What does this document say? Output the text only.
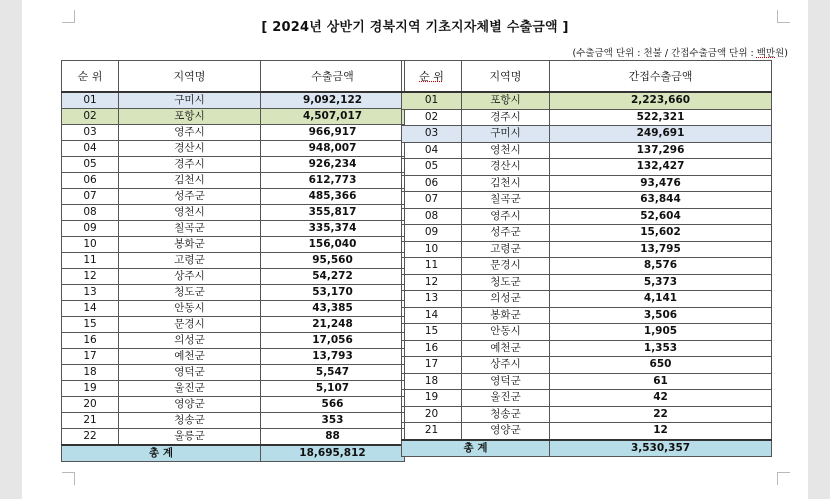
[ 2024년 상반기 경북지역 기초지자체별 수출금액 ]
(수출금액 단위 : 천불 / 간접수출금액 단위 : 백만원)
순 위	지역명	수출금액
01	구미시	9,092,122
02	포항시	4,507,017
03	영주시	966,917
04	경산시	948,007
05	경주시	926,234
06	김천시	612,773
07	성주군	485,366
08	영천시	355,817
09	칠곡군	335,374
10	봉화군	156,040
11	고령군	95,560
12	상주시	54,272
13	청도군	53,170
14	안동시	43,385
15	문경시	21,248
16	의성군	17,056
17	예천군	13,793
18	영덕군	5,547
19	울진군	5,107
20	영양군	566
21	청송군	353
22	울릉군	88
총 계		18,695,812
순 위	지역명	간접수출금액
01	포항시	2,223,660
02	경주시	522,321
03	구미시	249,691
04	영천시	137,296
05	경산시	132,427
06	김천시	93,476
07	칠곡군	63,844
08	영주시	52,604
09	성주군	15,602
10	고령군	13,795
11	문경시	8,576
12	청도군	5,373
13	의성군	4,141
14	봉화군	3,506
15	안동시	1,905
16	예천군	1,353
17	상주시	650
18	영덕군	61
19	울진군	42
20	청송군	22
21	영양군	12
총 계		3,530,357
